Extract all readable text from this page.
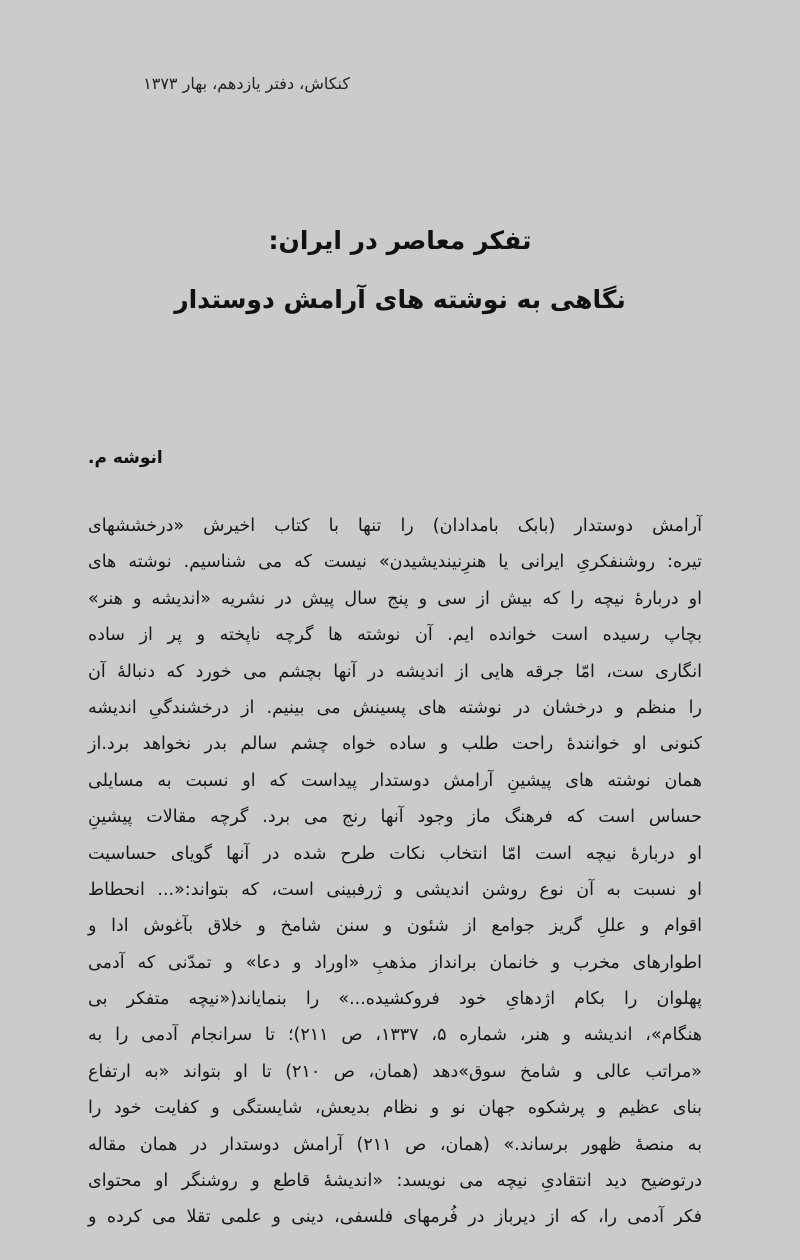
کنکاش، دفتر یازدهم، بهار ۱۳۷۳
تفکر معاصر در ایران:
نگاهی به نوشته های آرامش دوستدار
انوشه م.
آرامش دوستدار (بابک بامدادان) را تنها با کتاب اخیرش «درخششهای
تیره: روشنفکریِ ایرانی یا هنرِنیندیشیدن» نیست که می شناسیم. نوشته های
او دربارهٔ نیچه را که بیش از سی و پنج سال پیش در نشریه «اندیشه و هنر»
بچاپ رسیده است خوانده ایم. آن نوشته ها گرچه ناپخته و پر از ساده
انگاری ست، امّا جرقه هایی از اندیشه در آنها بچشم می خورد که دنبالهٔ آن
را منظم و درخشان در نوشته های پسینش می بینیم. از درخشندگیِ اندیشه
کنونی او خوانندهٔ راحت طلب و ساده خواه چشم سالم بدر نخواهد برد.از
همان نوشته های پیشینِ آرامش دوستدار پیداست که او نسبت به مسایلی
حساس است که فرهنگ ماز وجود آنها رنج می برد. گرچه مقالات پیشینِ
او دربارهٔ نیچه است امّا انتخاب نکات طرح شده در آنها گویای حساسیت
او نسبت به آن نوع روشن اندیشی و ژرفبینی است، که بتواند:«... انحطاط
اقوام و عللِ گریز جوامع از شئون و سنن شامخ و خلاق بآغوش ادا و
اطوارهای مخرب و خانمان برانداز مذهبِ «اوراد و دعا» و تمدّنی که آدمی
پهلوان را بکام اژدهایِ خود فروکشیده...» را بنمایاند(«نیچه متفکر بی
هنگام»، اندیشه و هنر، شماره ۵، ۱۳۳۷، ص ۲۱۱)؛ تا سرانجام آدمی را به
«مراتب عالی و شامخ سوق»دهد (همان، ص ۲۱۰) تا او بتواند «به ارتفاع
بنای عظیم و پرشکوه جهان نو و نظام بدیعش، شایستگی و کفایت خود را
به منصهٔ ظهور برساند.» (همان، ص ۲۱۱) آرامش دوستدار در همان مقاله
درتوضیح دید انتقادیِ نیچه می نویسد: «اندیشهٔ قاطع و روشنگر او محتوای
فکر آدمی را، که از دیرباز در فُرمهای فلسفی، دینی و علمی تقلا می کرده و
